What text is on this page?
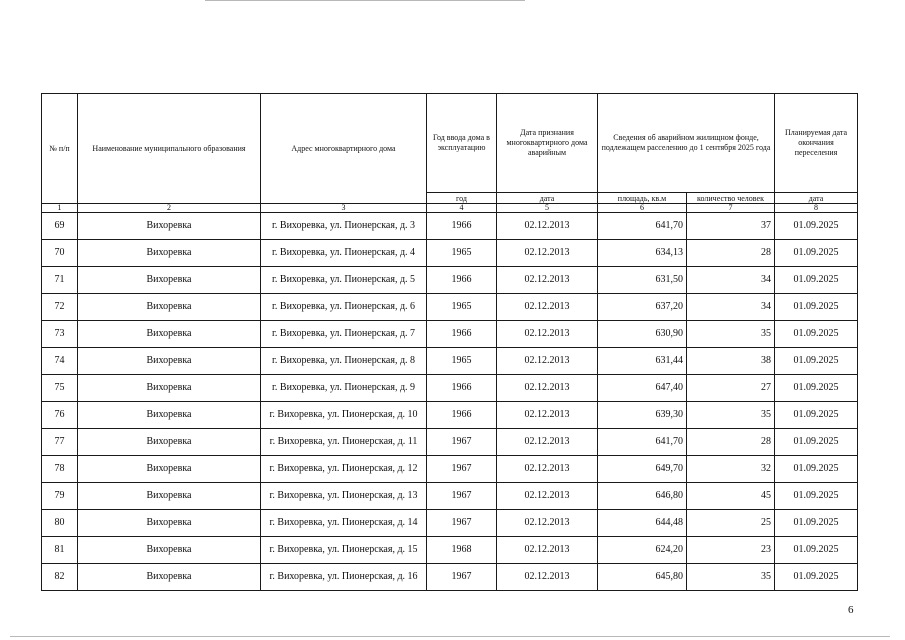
№ п/п	Наименование муниципального образования	Адрес многоквартирного дома	Год ввода дома в эксплуатацию	Дата признания многоквартирного дома аварийным	Сведения об аварийном жилищном фонде, подлежащем расселению до 1 сентября 2025 года		Планируемая дата окончания переселения
			год	дата	площадь, кв.м	количество человек	дата
1	2	3	4	5	6	7	8
69	Вихоревка	г. Вихоревка, ул. Пионерская, д. 3	1966	02.12.2013	641,70	37	01.09.2025
70	Вихоревка	г. Вихоревка, ул. Пионерская, д. 4	1965	02.12.2013	634,13	28	01.09.2025
71	Вихоревка	г. Вихоревка, ул. Пионерская, д. 5	1966	02.12.2013	631,50	34	01.09.2025
72	Вихоревка	г. Вихоревка, ул. Пионерская, д. 6	1965	02.12.2013	637,20	34	01.09.2025
73	Вихоревка	г. Вихоревка, ул. Пионерская, д. 7	1966	02.12.2013	630,90	35	01.09.2025
74	Вихоревка	г. Вихоревка, ул. Пионерская, д. 8	1965	02.12.2013	631,44	38	01.09.2025
75	Вихоревка	г. Вихоревка, ул. Пионерская, д. 9	1966	02.12.2013	647,40	27	01.09.2025
76	Вихоревка	г. Вихоревка, ул. Пионерская, д. 10	1966	02.12.2013	639,30	35	01.09.2025
77	Вихоревка	г. Вихоревка, ул. Пионерская, д. 11	1967	02.12.2013	641,70	28	01.09.2025
78	Вихоревка	г. Вихоревка, ул. Пионерская, д. 12	1967	02.12.2013	649,70	32	01.09.2025
79	Вихоревка	г. Вихоревка, ул. Пионерская, д. 13	1967	02.12.2013	646,80	45	01.09.2025
80	Вихоревка	г. Вихоревка, ул. Пионерская, д. 14	1967	02.12.2013	644,48	25	01.09.2025
81	Вихоревка	г. Вихоревка, ул. Пионерская, д. 15	1968	02.12.2013	624,20	23	01.09.2025
82	Вихоревка	г. Вихоревка, ул. Пионерская, д. 16	1967	02.12.2013	645,80	35	01.09.2025
6
